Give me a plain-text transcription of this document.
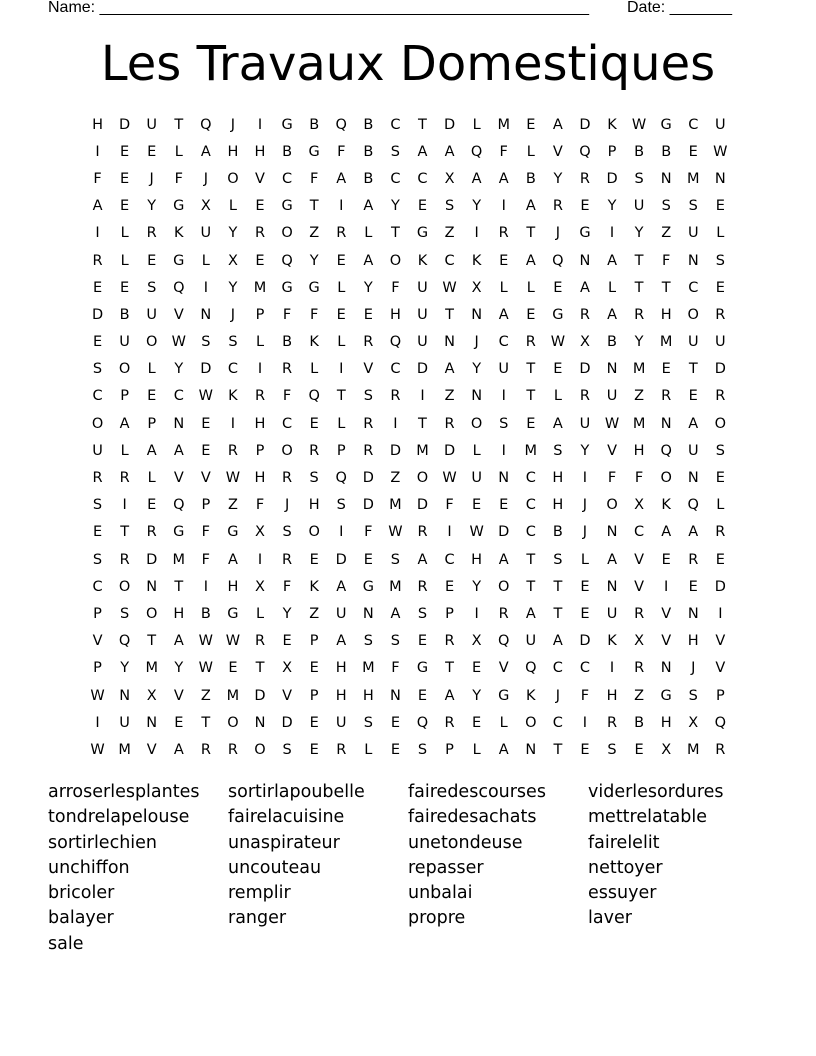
Name: _______________________________________________________ Date: _______
Les Travaux Domestiques
H	D	U	T	Q	J	I	G	B	Q	B	C	T	D	L	M	E	A	D	K	W G	C	U
I	E	E	L	A	H	H	B	G	F	B	S	A	A	Q	F	L	V	Q	P	B	B	E	W
F	E	J	F	J	O	V	C	F	A	B	C	C	X	A	A	B	Y	R	D	S	N	M	N
A	E	Y	G	X	L	E	G	T	I	A	Y	E	S	Y	I	A	R	E	Y	U	S	S	E
I	L	R	K	U	Y	R	O	Z	R	L	T	G	Z	I	R	T	J	G	I	Y	Z	U	L
R	L	E	G	L	X	E	Q	Y	E	A	O	K	C	K	E	A	Q	N	A	T	F	N	S
E	E	S	Q	I	Y	M	G	G	L	Y	F	U	W	X	L	L	E	A	L	T	T	C	E
D	B	U	V	N	J	P	F	F	E	E	H	U	T	N	A	E	G	R	A	R	H	O	R
E	U	O W	S	S	L	B	K	L	R	Q	U	N	J	C	R	W	X	B	Y	M	U	U
S	O	L	Y	D	C	I	R	L	I	V	C	D	A	Y	U	T	E	D	N	M	E	T	D
C	P	E	C	W	K	R	F	Q	T	S	R	I	Z	N	I	T	L	R	U	Z	R	E	R
O	A	P	N	E	I	H	C	E	L	R	I	T	R	O	S	E	A	U	W M	N	A	O
U	L	A	A	E	R	P	O	R	P	R	D	M	D	L	I	M	S	Y	V	H	Q	U	S
R	R	L	V	V	W H	R	S	Q	D	Z	O W	U	N	C	H	I	F	F	O	N	E
S	I	E	Q	P	Z	F	J	H	S	D	M	D	F	E	E	C	H	J	O	X	K	Q	L
E	T	R	G	F	G	X	S	O	I	F	W	R	I	W D	C	B	J	N	C	A	A	R
S	R	D	M	F	A	I	R	E	D	E	S	A	C	H	A	T	S	L	A	V	E	R	E
C	O	N	T	I	H	X	F	K	A	G	M	R	E	Y	O	T	T	E	N	V	I	E	D
P	S	O	H	B	G	L	Y	Z	U	N	A	S	P	I	R	A	T	E	U	R	V	N	I
V	Q	T	A	W W	R	E	P	A	S	S	E	R	X	Q	U	A	D	K	X	V	H	V
P	Y	M	Y	W	E	T	X	E	H	M	F	G	T	E	V	Q	C	C	I	R	N	J	V
W N	X	V	Z	M	D	V	P	H	H	N	E	A	Y	G	K	J	F	H	Z	G	S	P
I	U	N	E	T	O	N	D	E	U	S	E	Q	R	E	L	O	C	I	R	B	H	X	Q
W M	V	A	R	R	O	S	E	R	L	E	S	P	L	A	N	T	E	S	E	X	M	R
arroserlesplantes
tondrelapelouse
sortirlechien
unchiffon
bricoler
balayer
sale
sortirlapoubelle
fairelacuisine
unaspirateur
uncouteau
remplir
ranger
fairedescourses
fairedesachats
unetondeuse
repasser
unbalai
propre
viderlesordures
mettrelatable
fairelelit
nettoyer
essuyer
laver
